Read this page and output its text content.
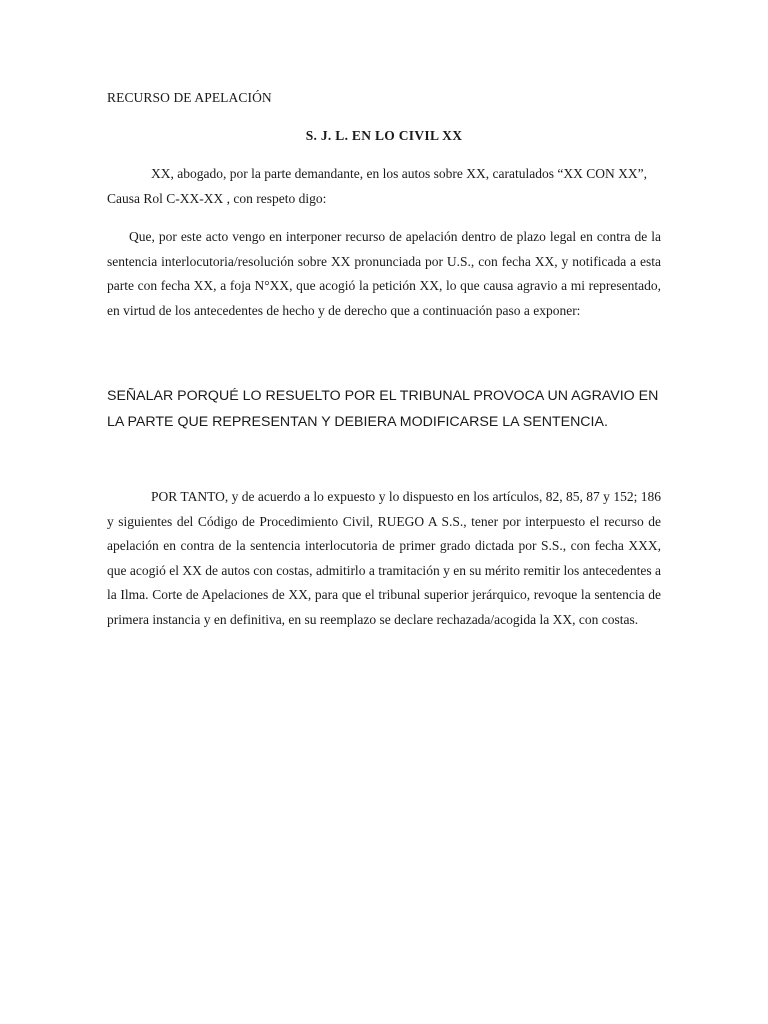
RECURSO DE APELACIÓN
S. J. L. EN LO CIVIL XX

XX, abogado, por la parte demandante, en los autos sobre XX, caratulados “XX CON XX”, Causa Rol C-XX-XX , con respeto digo:

Que, por este acto vengo en interponer recurso de apelación dentro de plazo legal en contra de la sentencia interlocutoria/resolución sobre XX pronunciada por U.S., con fecha XX, y notificada a esta parte con fecha XX, a foja N°XX, que acogió la petición XX, lo que causa agravio a mi representado, en virtud de los antecedentes de hecho y de derecho que a continuación paso a exponer:

SEÑALAR PORQUÉ LO RESUELTO POR EL TRIBUNAL PROVOCA UN AGRAVIO EN LA PARTE QUE REPRESENTAN Y DEBIERA MODIFICARSE LA SENTENCIA.

POR TANTO, y de acuerdo a lo expuesto y lo dispuesto en los artículos, 82, 85, 87 y 152; 186 y siguientes del Código de Procedimiento Civil, RUEGO A S.S., tener por interpuesto el recurso de apelación en contra de la sentencia interlocutoria de primer grado dictada por S.S., con fecha XXX, que acogió el XX de autos con costas, admitirlo a tramitación y en su mérito remitir los antecedentes a la Ilma. Corte de Apelaciones de XX, para que el tribunal superior jerárquico, revoque la sentencia de primera instancia y en definitiva, en su reemplazo se declare rechazada/acogida la XX, con costas.
